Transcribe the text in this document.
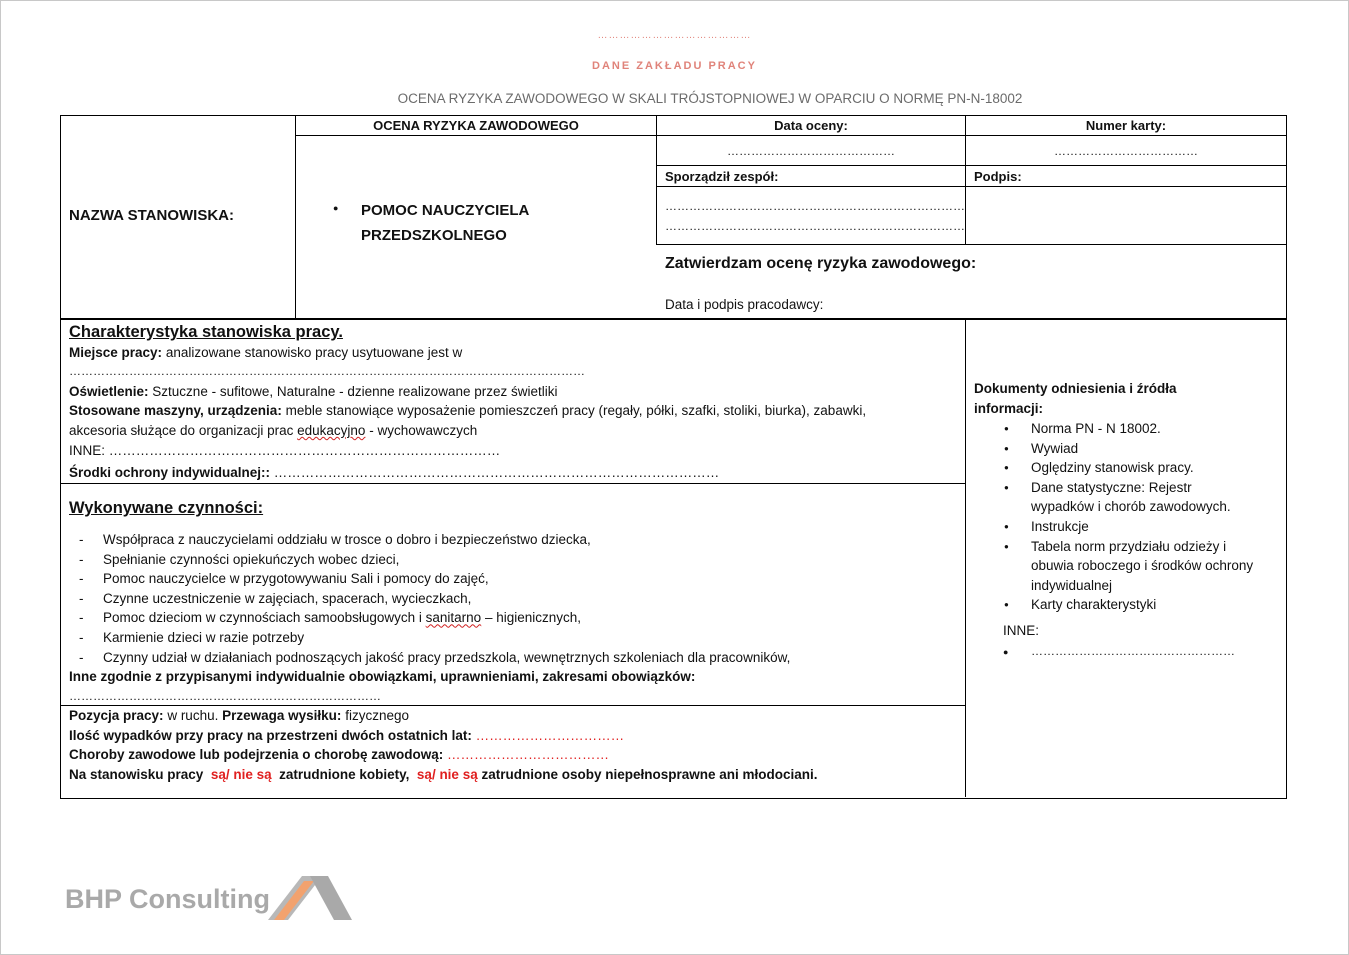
……………………………………
DANE ZAKŁADU PRACY
OCENA RYZYKA ZAWODOWEGO W SKALI TRÓJSTOPNIOWEJ W OPARCIU O NORMĘ PN-N-18002
NAZWA STANOWISKA:
OCENA RYZYKA ZAWODOWEGO
● POMOC NAUCZYCIELA
PRZEDSZKOLNEGO
Data oceny:
……………………………………
Numer karty:
………………………………
Sporządził zespół:
…………………………………………………………………
…………………………………………………………………
Podpis:
Zatwierdzam ocenę ryzyka zawodowego:
Data i podpis pracodawcy:
Charakterystyka stanowiska pracy.
Miejsce pracy: analizowane stanowisko pracy usytuowane jest w
…………………………………………………………………………………………………………………
Oświetlenie: Sztuczne - sufitowe, Naturalne - dzienne realizowane przez świetliki
Stosowane maszyny, urządzenia: meble stanowiące wyposażenie pomieszczeń pracy (regały, półki, szafki, stoliki, biurka), zabawki,
akcesoria służące do organizacji prac edukacyjno - wychowawczych
INNE: ……………………………………………………………………………
Środki ochrony indywidualnej:: ………………………………………………………………………………………
Wykonywane czynności:
- Współpraca z nauczycielami oddziału w trosce o dobro i bezpieczeństwo dziecka,
- Spełnianie czynności opiekuńczych wobec dzieci,
- Pomoc nauczycielce w przygotowywaniu Sali i pomocy do zajęć,
- Czynne uczestniczenie w zajęciach, spacerach, wycieczkach,
- Pomoc dzieciom w czynnościach samoobsługowych i sanitarno – higienicznych,
- Karmienie dzieci w razie potrzeby
- Czynny udział w działaniach podnoszących jakość pracy przedszkola, wewnętrznych szkoleniach dla pracowników,
Inne zgodnie z przypisanymi indywidualnie obowiązkami, uprawnieniami, zakresami obowiązków:
……………………………………………………………………
Pozycja pracy: w ruchu. Przewaga wysiłku: fizycznego
Ilość wypadków przy pracy na przestrzeni dwóch ostatnich lat: ……………………………
Choroby zawodowe lub podejrzenia o chorobę zawodową: ………………………………
Na stanowisku pracy są/ nie są zatrudnione kobiety, są/ nie są zatrudnione osoby niepełnosprawne ani młodociani.
Dokumenty odniesienia i źródła
informacji:
● Norma PN - N 18002.
● Wywiad
● Oględziny stanowisk pracy.
● Dane statystyczne: Rejestr
wypadków i chorób zawodowych.
● Instrukcje
● Tabela norm przydziału odzieży i
obuwia roboczego i środków ochrony
indywidualnej
● Karty charakterystyki
INNE:
● ……………………………………………
BHP Consulting
